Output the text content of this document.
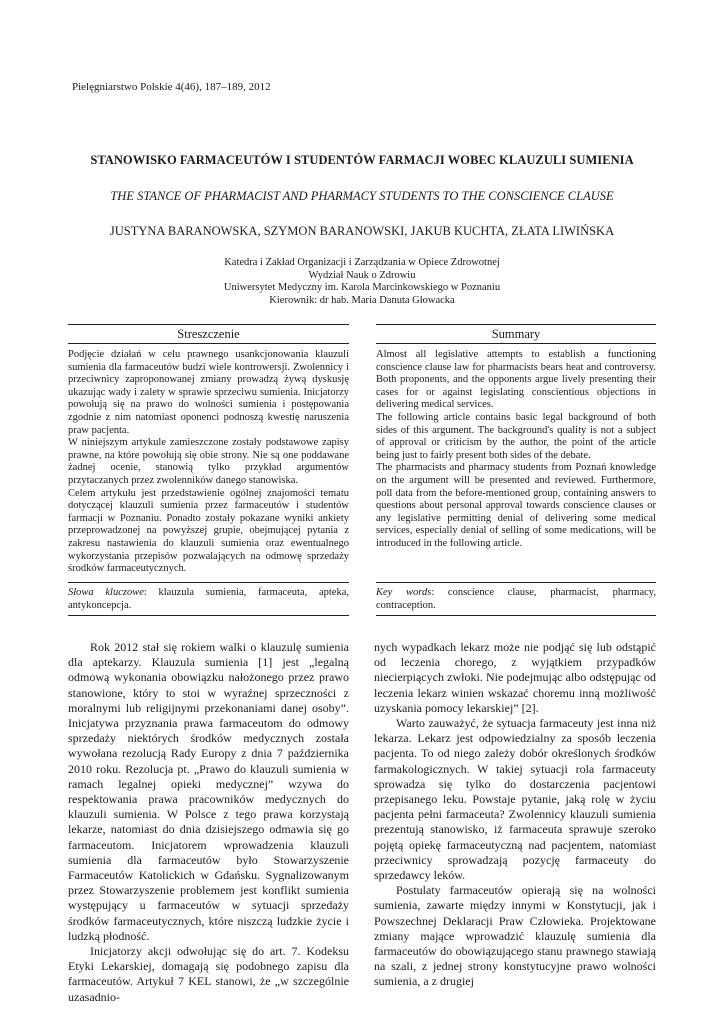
Pielęgniarstwo Polskie 4(46), 187–189, 2012
STANOWISKO FARMACEUTÓW I STUDENTÓW FARMACJI WOBEC KLAUZULI SUMIENIA
THE STANCE OF PHARMACIST AND PHARMACY STUDENTS TO THE CONSCIENCE CLAUSE
JUSTYNA BARANOWSKA, SZYMON BARANOWSKI, JAKUB KUCHTA, ZŁATA LIWIŃSKA
Katedra i Zakład Organizacji i Zarządzania w Opiece Zdrowotnej
Wydział Nauk o Zdrowiu
Uniwersytet Medyczny im. Karola Marcinkowskiego w Poznaniu
Kierownik: dr hab. Maria Danuta Głowacka
Streszczenie	Summary

Podjęcie działań w celu prawnego usankcjonowania klauzuli sumienia dla farmaceutów budzi wiele kontrowersji. Zwolennicy i przeciwnicy zaproponowanej zmiany prowadzą żywą dyskusję ukazując wady i zalety w sprawie sprzeciwu sumienia. Inicjatorzy powołują się na prawo do wolności sumienia i postępowania zgodnie z nim natomiast oponenci podnoszą kwestię naruszenia praw pacjenta.

W niniejszym artykule zamieszczone zostały podstawowe zapisy prawne, na które powołują się obie strony. Nie są one poddawane żadnej ocenie, stanowią tylko przykład argumentów przytaczanych przez zwolenników danego stanowiska.

Celem artykułu jest przedstawienie ogólnej znajomości tematu dotyczącej klauzuli sumienia przez farmaceutów i studentów farmacji w Poznaniu. Ponadto zostały pokazane wyniki ankiety przeprowadzonej na powyższej grupie, obejmującej pytania z zakresu nastawienia do klauzuli sumienia oraz ewentualnego wykorzystania przepisów pozwalających na odmowę sprzedaży środków farmaceutycznych.

Almost all legislative attempts to establish a functioning conscience clause law for pharmacists bears heat and controversy. Both proponents, and the opponents argue lively presenting their cases for or against legislating conscientious objections in delivering medical services.

The following article contains basic legal background of both sides of this argument. The background's quality is not a subject of approval or criticism by the author, the point of the article being just to fairly present both sides of the debate.

The pharmacists and pharmacy students from Poznań knowledge on the argument will be presented and reviewed. Furthermore, poll data from the before-mentioned group, containing answers to questions about personal approval towards conscience clauses or any legislative permitting denial of delivering some medical services, especially denial of selling of some medications, will be introduced in the following article.

Słowa kluczowe: klauzula sumienia, farmaceuta, apteka, antykoncepcja.
Key words: conscience clause, pharmacist, pharmacy, contraception.

Rok 2012 stał się rokiem walki o klauzulę sumienia dla aptekarzy. Klauzula sumienia [1] jest „legalną odmową wykonania obowiązku nałożonego przez prawo stanowione, który to stoi w wyraźnej sprzeczności z moralnymi lub religijnymi przekonaniami danej osoby”. Inicjatywa przyznania prawa farmaceutom do odmowy sprzedaży niektórych środków medycznych została wywołana rezolucją Rady Europy z dnia 7 października 2010 roku. Rezolucja pt. „Prawo do klauzuli sumienia w ramach legalnej opieki medycznej” wzywa do respektowania prawa pracowników medycznych do klauzuli sumienia. W Polsce z tego prawa korzystają lekarze, natomiast do dnia dzisiejszego odmawia się go farmaceutom. Inicjatorem wprowadzenia klauzuli sumienia dla farmaceutów było Stowarzyszenie Farmaceutów Katolickich w Gdańsku. Sygnalizowanym przez Stowarzyszenie problemem jest konflikt sumienia występujący u farmaceutów w sytuacji sprzedaży środków farmaceutycznych, które niszczą ludzkie życie i ludzką płodność.

Inicjatorzy akcji odwołując się do art. 7. Kodeksu Etyki Lekarskiej, domagają się podobnego zapisu dla farmaceutów. Artykuł 7 KEL stanowi, że „w szczególnie uzasadnio-

nych wypadkach lekarz może nie podjąć się lub odstąpić od leczenia chorego, z wyjątkiem przypadków niecierpiących zwłoki. Nie podejmując albo odstępując od leczenia lekarz winien wskazać choremu inną możliwość uzyskania pomocy lekarskiej” [2].

Warto zauważyć, że sytuacja farmaceuty jest inna niż lekarza. Lekarz jest odpowiedzialny za sposób leczenia pacjenta. To od niego zależy dobór określonych środków farmakologicznych. W takiej sytuacji rola farmaceuty sprowadza się tylko do dostarczenia pacjentowi przepisanego leku. Powstaje pytanie, jaką rolę w życiu pacjenta pełni farmaceuta? Zwolennicy klauzuli sumienia prezentują stanowisko, iż farmaceuta sprawuje szeroko pojętą opiekę farmaceutyczną nad pacjentem, natomiast przeciwnicy sprowadzają pozycję farmaceuty do sprzedawcy leków.

Postulaty farmaceutów opierają się na wolności sumienia, zawarte między innymi w Konstytucji, jak i Powszechnej Deklaracji Praw Człowieka. Projektowane zmiany mające wprowadzić klauzulę sumienia dla farmaceutów do obowiązującego stanu prawnego stawiają na szali, z jednej strony konstytucyjne prawo wolności sumienia, a z drugiej
